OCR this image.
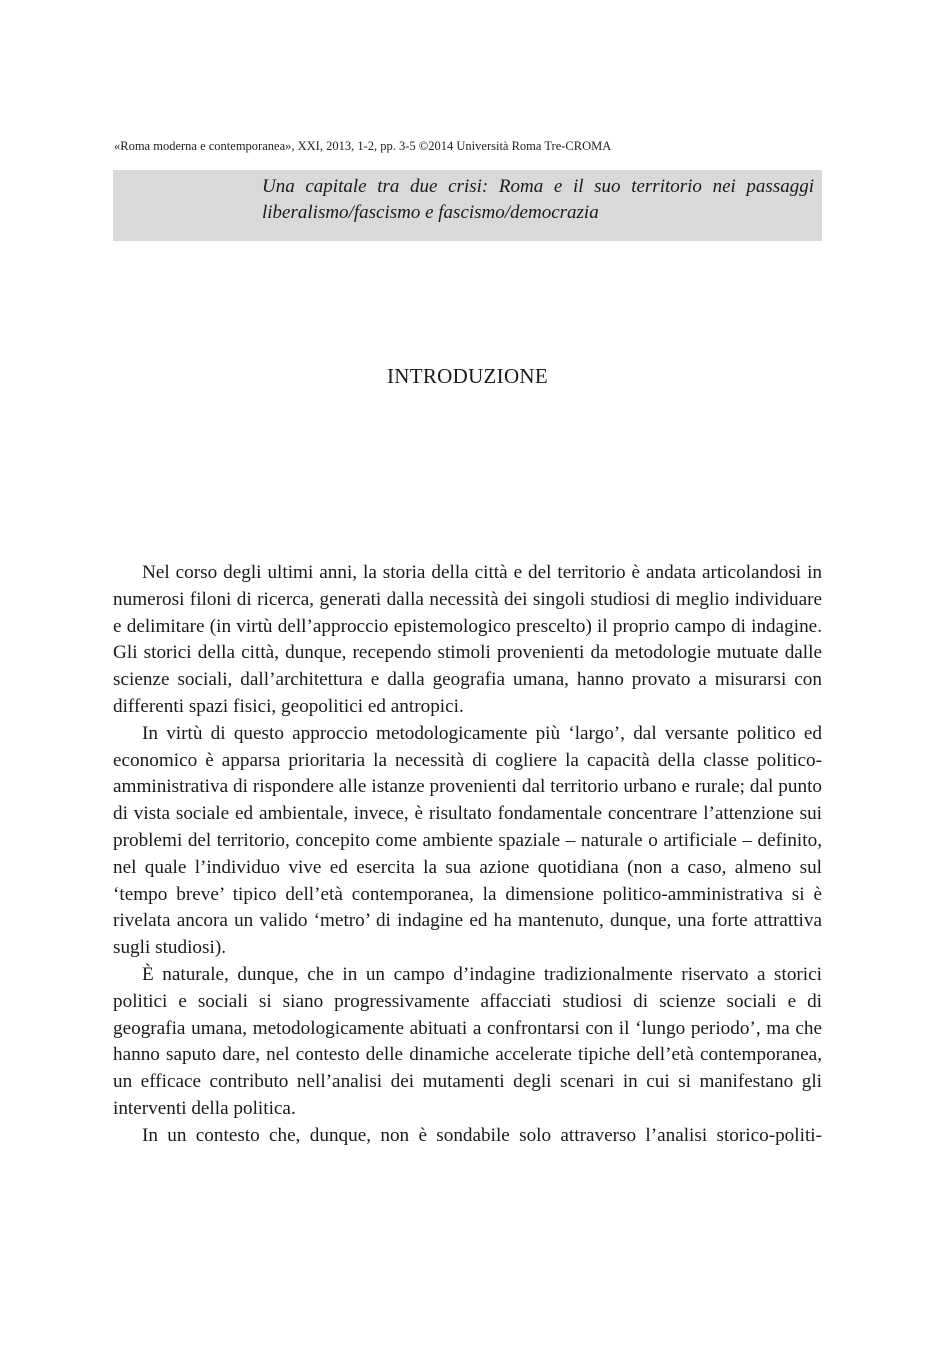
«Roma moderna e contemporanea», XXI, 2013, 1-2, pp. 3-5 ©2014 Università Roma Tre-CROMA
Una capitale tra due crisi: Roma e il suo territorio nei passaggi liberalismo/fascismo e fascismo/democrazia
INTRODUZIONE

Nel corso degli ultimi anni, la storia della città e del territorio è andata articolandosi in numerosi filoni di ricerca, generati dalla necessità dei singoli studiosi di meglio individuare e delimitare (in virtù dell’approccio epistemologico prescelto) il proprio campo di indagine. Gli storici della città, dunque, recependo stimoli provenienti da metodologie mutuate dalle scienze sociali, dall’architettura e dalla geografia umana, hanno provato a misurarsi con differenti spazi fisici, geopolitici ed antropici.

In virtù di questo approccio metodologicamente più ‘largo’, dal versante politico ed economico è apparsa prioritaria la necessità di cogliere la capacità della classe politico-amministrativa di rispondere alle istanze provenienti dal territorio urbano e rurale; dal punto di vista sociale ed ambientale, invece, è risultato fondamentale concentrare l’attenzione sui problemi del territorio, concepito come ambiente spaziale – naturale o artificiale – definito, nel quale l’individuo vive ed esercita la sua azione quotidiana (non a caso, almeno sul ‘tempo breve’ tipico dell’età contemporanea, la dimensione politico-amministrativa si è rivelata ancora un valido ‘metro’ di indagine ed ha mantenuto, dunque, una forte attrattiva sugli studiosi).

È naturale, dunque, che in un campo d’indagine tradizionalmente riservato a storici politici e sociali si siano progressivamente affacciati studiosi di scienze sociali e di geografia umana, metodologicamente abituati a confrontarsi con il ‘lungo periodo’, ma che hanno saputo dare, nel contesto delle dinamiche accelerate tipiche dell’età contemporanea, un efficace contributo nell’analisi dei mutamenti degli scenari in cui si manifestano gli interventi della politica.

In un contesto che, dunque, non è sondabile solo attraverso l’analisi storico-politi-
